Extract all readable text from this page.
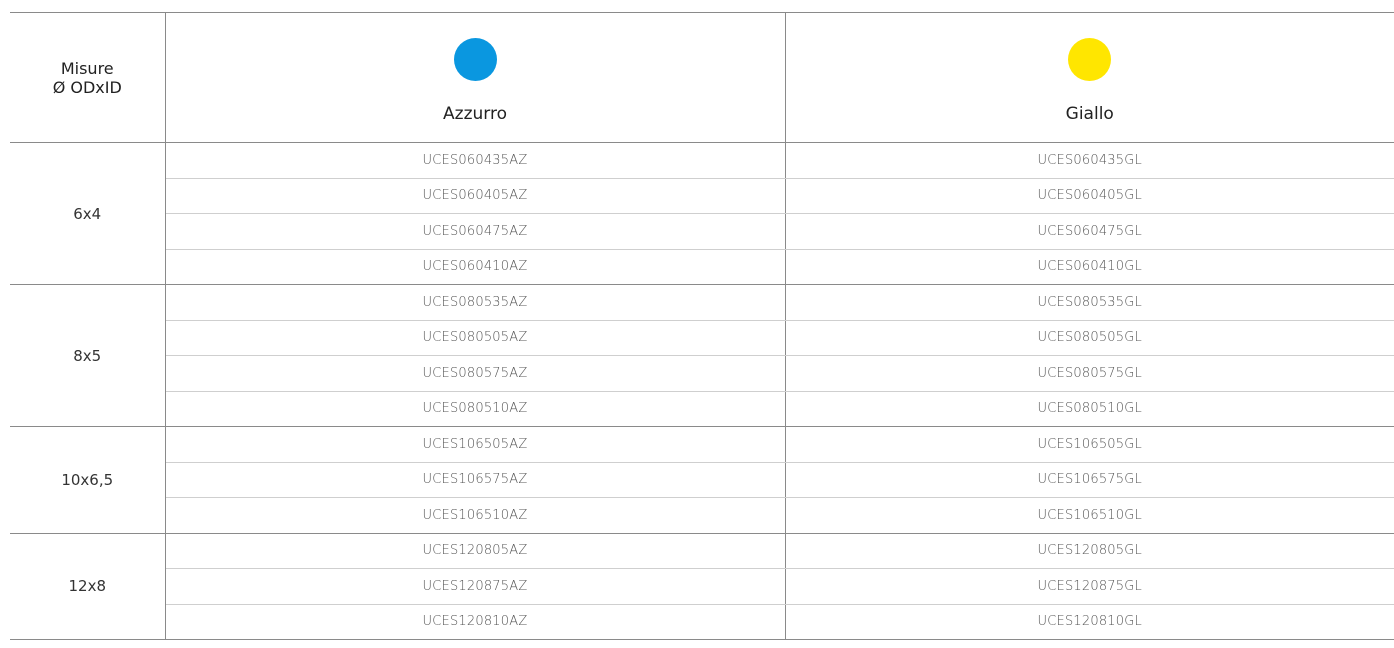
Misure
Ø ODxID	Azzurro	Giallo

6x4	UCES060435AZ	UCES060435GL
	UCES060405AZ	UCES060405GL
	UCES060475AZ	UCES060475GL
	UCES060410AZ	UCES060410GL
8x5	UCES080535AZ	UCES080535GL
	UCES080505AZ	UCES080505GL
	UCES080575AZ	UCES080575GL
	UCES080510AZ	UCES080510GL
10x6,5	UCES106505AZ	UCES106505GL
	UCES106575AZ	UCES106575GL
	UCES106510AZ	UCES106510GL
12x8	UCES120805AZ	UCES120805GL
	UCES120875AZ	UCES120875GL
	UCES120810AZ	UCES120810GL
